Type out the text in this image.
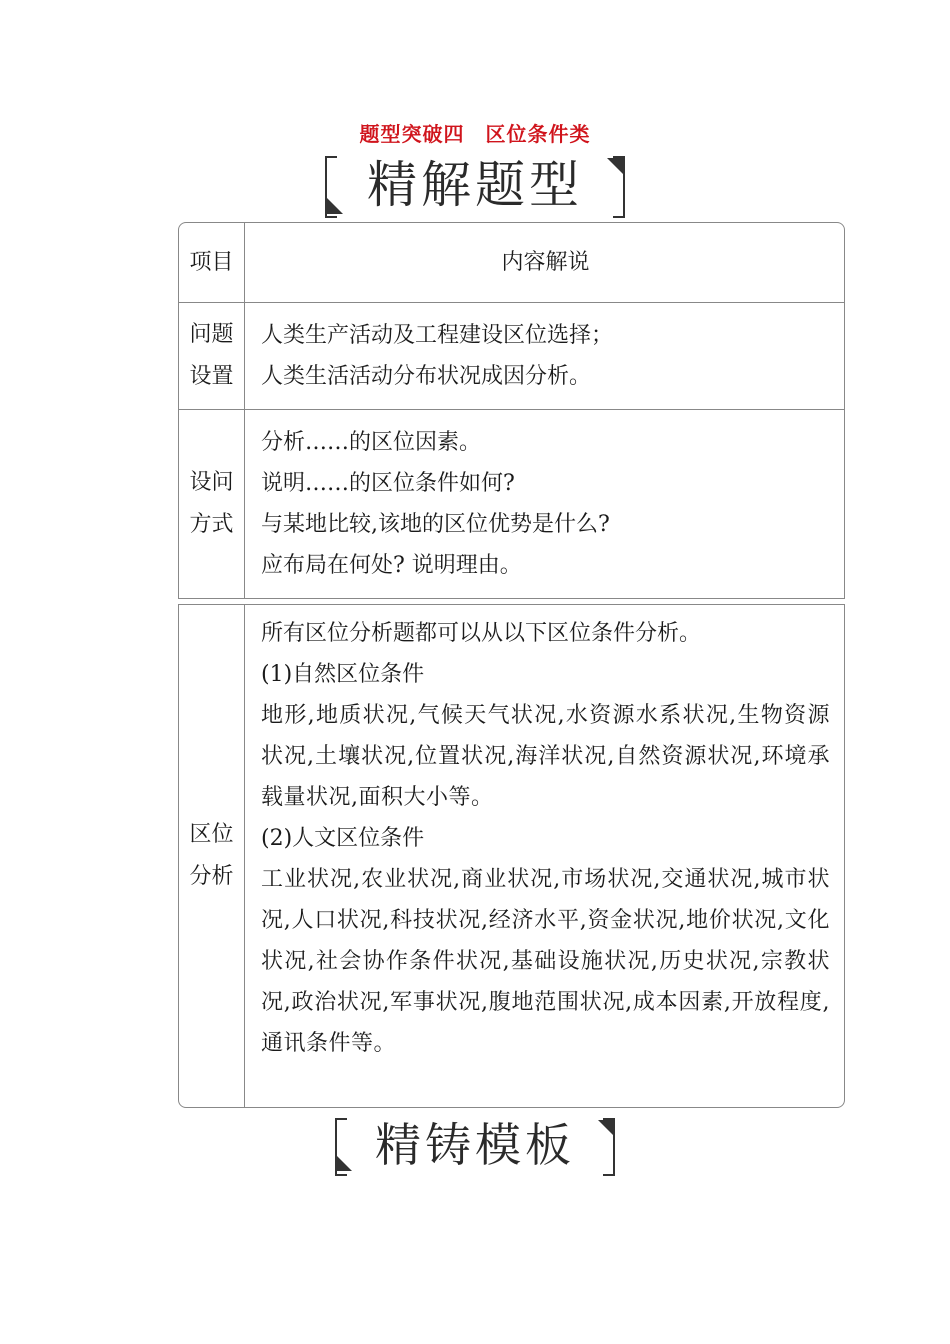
题型突破四　区位条件类
精解题型
项目	内容解说
问题
设置
人类生产活动及工程建设区位选择；
人类生活活动分布状况成因分析。
设问
方式
分析……的区位因素。
说明……的区位条件如何?
与某地比较,该地的区位优势是什么?
应布局在何处? 说明理由。
区位
分析
所有区位分析题都可以从以下区位条件分析。
(1)自然区位条件
地形,地质状况,气候天气状况,水资源水系状况,生物资源状况,土壤状况,位置状况,海洋状况,自然资源状况,环境承载量状况,面积大小等。
(2)人文区位条件
工业状况,农业状况,商业状况,市场状况,交通状况,城市状况,人口状况,科技状况,经济水平,资金状况,地价状况,文化状况,社会协作条件状况,基础设施状况,历史状况,宗教状况,政治状况,军事状况,腹地范围状况,成本因素,开放程度,通讯条件等。
精铸模板
